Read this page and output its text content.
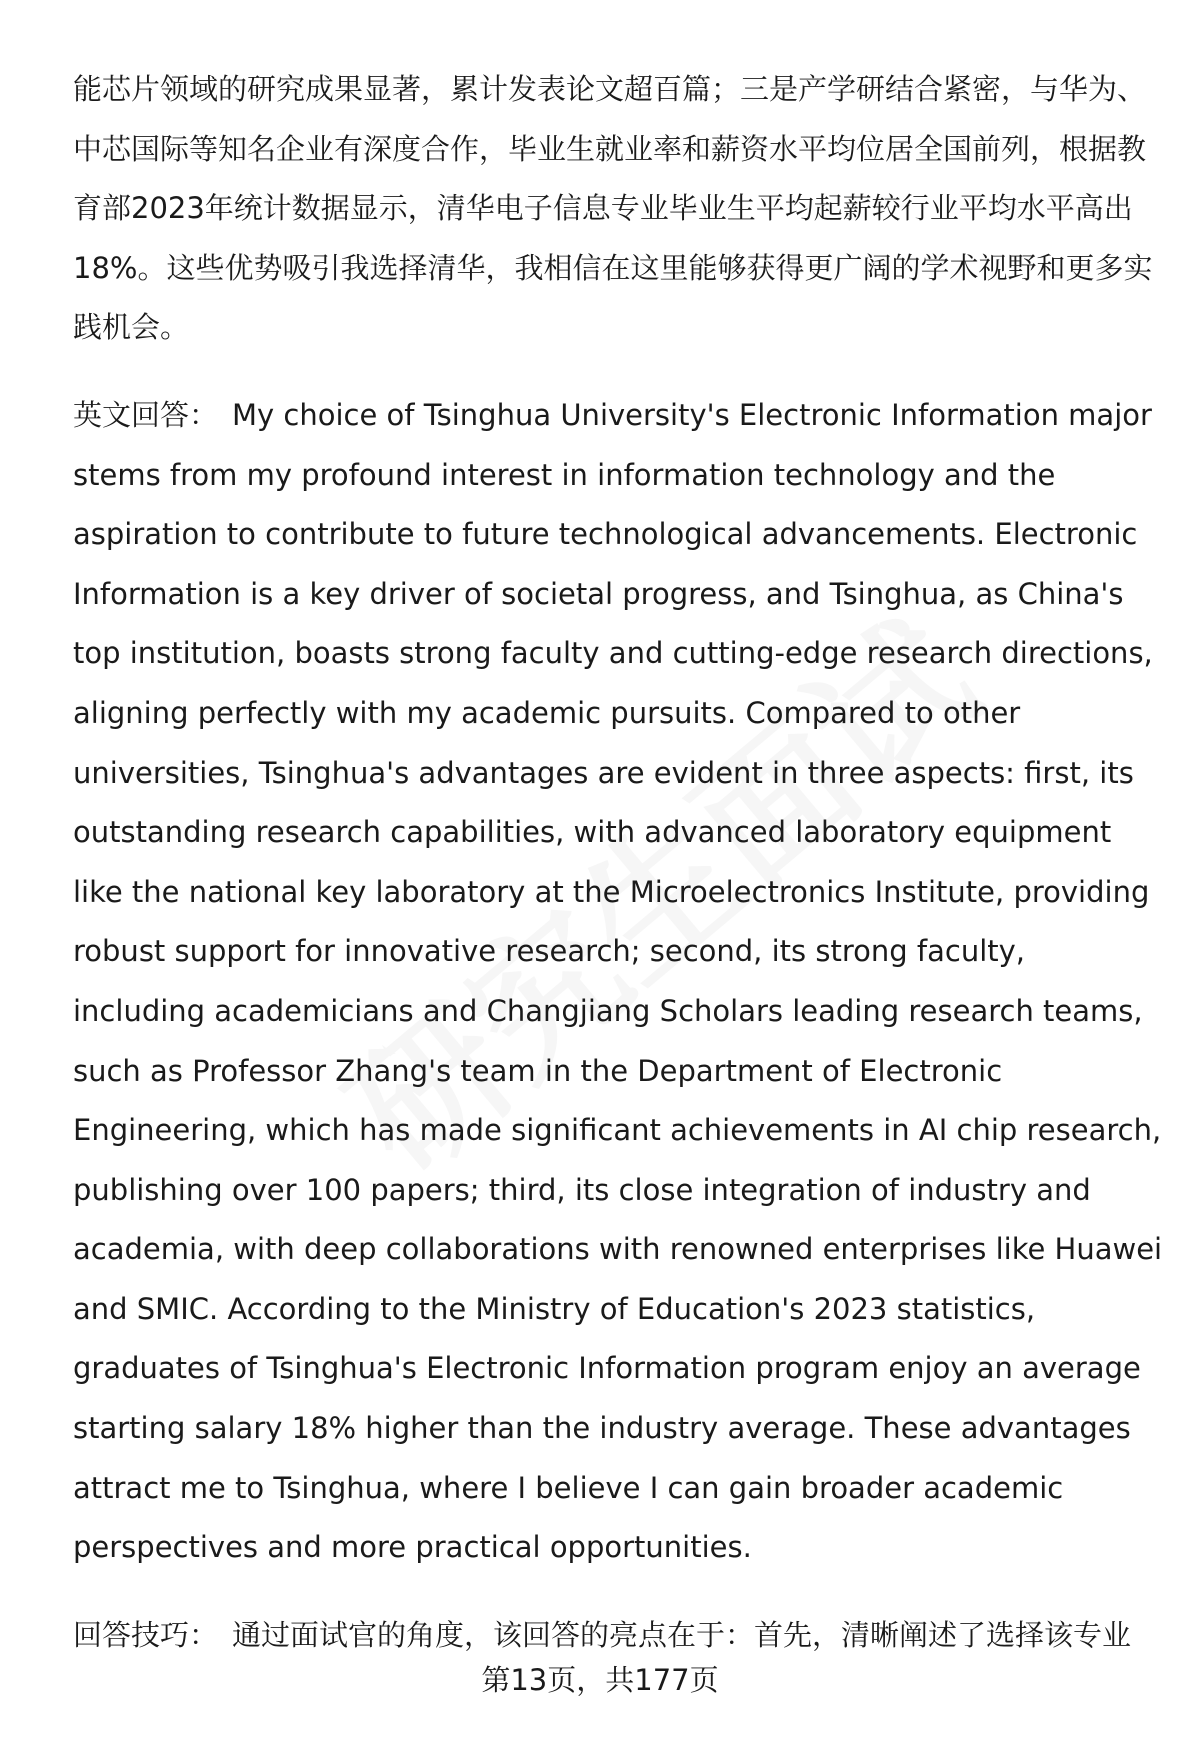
能芯片领域的研究成果显著，累计发表论文超百篇；三是产学研结合紧密，与华为、中芯国际等知名企业有深度合作，毕业生就业率和薪资水平均位居全国前列，根据教育部2023年统计数据显示，清华电子信息专业毕业生平均起薪较行业平均水平高出18%。这些优势吸引我选择清华，我相信在这里能够获得更广阔的学术视野和更多实践机会。

英文回答： My choice of Tsinghua University's Electronic Information major stems from my profound interest in information technology and the aspiration to contribute to future technological advancements. Electronic Information is a key driver of societal progress, and Tsinghua, as China's top institution, boasts strong faculty and cutting-edge research directions, aligning perfectly with my academic pursuits. Compared to other universities, Tsinghua's advantages are evident in three aspects: first, its outstanding research capabilities, with advanced laboratory equipment like the national key laboratory at the Microelectronics Institute, providing robust support for innovative research; second, its strong faculty, including academicians and Changjiang Scholars leading research teams, such as Professor Zhang's team in the Department of Electronic Engineering, which has made significant achievements in AI chip research, publishing over 100 papers; third, its close integration of industry and academia, with deep collaborations with renowned enterprises like Huawei and SMIC. According to the Ministry of Education's 2023 statistics, graduates of Tsinghua's Electronic Information program enjoy an average starting salary 18% higher than the industry average. These advantages attract me to Tsinghua, where I believe I can gain broader academic perspectives and more practical opportunities.

回答技巧： 通过面试官的角度，该回答的亮点在于：首先，清晰阐述了选择该专业

第13页，共177页
